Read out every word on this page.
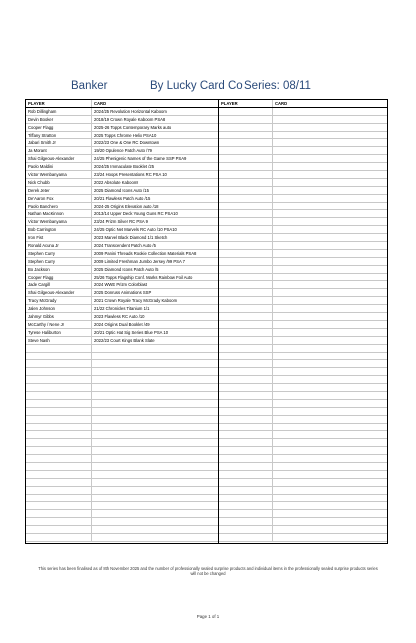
Banker	By Lucky Card Co Series: 08/11
PLAYER	CARD
Rob Dillingham	2024/25 Revolution Horizontal Kaboom
Devin Booker	2018/19 Crown Royale Kaboom PSA8
Cooper Flagg	2025-26 Topps Contemporary Marks auto
Tiffany Stratton	2025 Topps Chrome Helix PSA10
Jabari Smith Jr	2022/23 One & One RC Downtown
Ja Morant	19/20 Opulence Patch Auto /79
Shai Gilgeous-Alexander	24/25 Phenigenic Names of the Game SSP PSA9
Paolo Maldini	2024/25 Immaculate Booklet /25
Victor Wembanyama	23/24 Hoops Presentations RC PSA 10
Nick Chubb	2022 Absolute Kaboom!
Derek Jeter	2025 Diamond Icons Auto /15
De'Aaron Fox	20/21 Flawless Patch Auto /15
Paolo Banchero	2024-25 Origins Elevation auto /18
Nathan MacKinnon	2013/14 Upper Deck Young Guns RC PSA10
Victor Wembanyama	23/24 Prizm Silver RC PSA 9
Bob Carrington	24/25 Optic Net Marvels RC Auto /10 PSA10
Iron Fist	2023 Marvel Black Diamond 1/1 Sketch
Ronald Acuna Jr	2024 Transcendent Patch Auto /5
Stephen Curry	2009 Panini Threads Rookie Collection Materials PSA8
Stephen Curry	2009 Limited Freshman Jumbo Jersey /99 PSA 7
Bo Jackson	2025 Diamond Icons Patch Auto /5
Cooper Flagg	25/26 Topps Flagship Conf. Marks Rainbow Foil Auto
Jade Cargill	2024 WWE Prizm Colorblast
Shai Gilgeous-Alexander	2025 Donruss Animations SSP
Tracy McGrady	2021 Crown Royale Tracy McGrady Kaboom
Jalen Johnson	21/22 Chronicles Titanium 1/1
Jahmyr Gibbs	2023 Flawless RC Auto /10
McCarthy / Nene Jr	2024 Origins Dual Booklet /49
Tyrese Haliburton	20/21 Optic Hat Sig Series Blue PSA 10
Steve Nash	2022/23 Court Kings Blank Slate
PLAYER	CARD
This series has been finalised as of 8th November 2025 and the number of professionally sealed surprise products and individual items in the professionally sealed surprise products series will not be changed
Page 1 of 1
